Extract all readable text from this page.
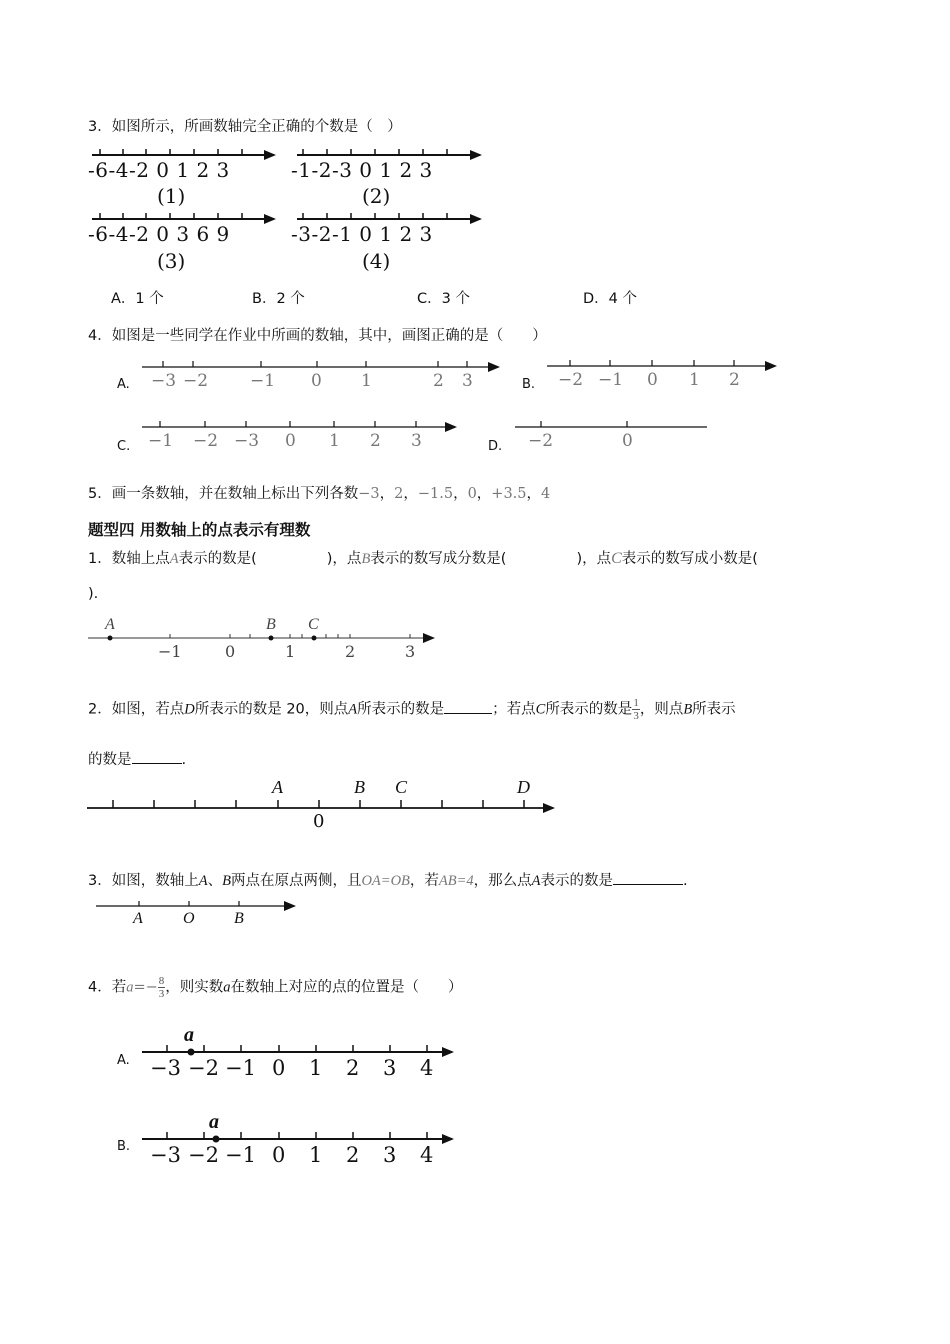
3．如图所示，所画数轴完全正确的个数是（　）
-6-4-2 0 1 2 3	-1-2-3 0 1 2 3
(1)	(2)
-6-4-2 0 3 6 9	-3-2-1 0 1 2 3
(3)	(4)
A．1 个	B．2 个	C．3 个	D．4 个
4．如图是一些同学在作业中所画的数轴，其中，画图正确的是（　　）
A. −3 −2 −1 0 1	2 3	B. −2 −1 0 1 2
C. −1 −2 −3 0 1 2 3	D. −2	0
5．画一条数轴，并在数轴上标出下列各数−3，2，−1.5，0，+3.5，4
题型四 用数轴上的点表示有理数
1．数轴上点A表示的数是(	)，点B表示的数写成分数是(	)，点C表示的数写成小数是(
).
A	B C
−1	0	1	2	3
2．如图，若点D所表示的数是 20，则点A所表示的数是	；若点C所表示的数是 $\frac{1}{3}$ ，则点B所表示
的数是	.
A	B C	D
0
3．如图，数轴上A、B两点在原点两侧，且OA=OB，若AB=4，那么点A表示的数是	.
A	O B
4．若$a=- \frac{8}{3}$ ，则实数a在数轴上对应的点的位置是（　　）
A.
a
−3 −2 −1 0 1 2 3 4
B.
a
−3 −2 −1 0 1 2 3 4
